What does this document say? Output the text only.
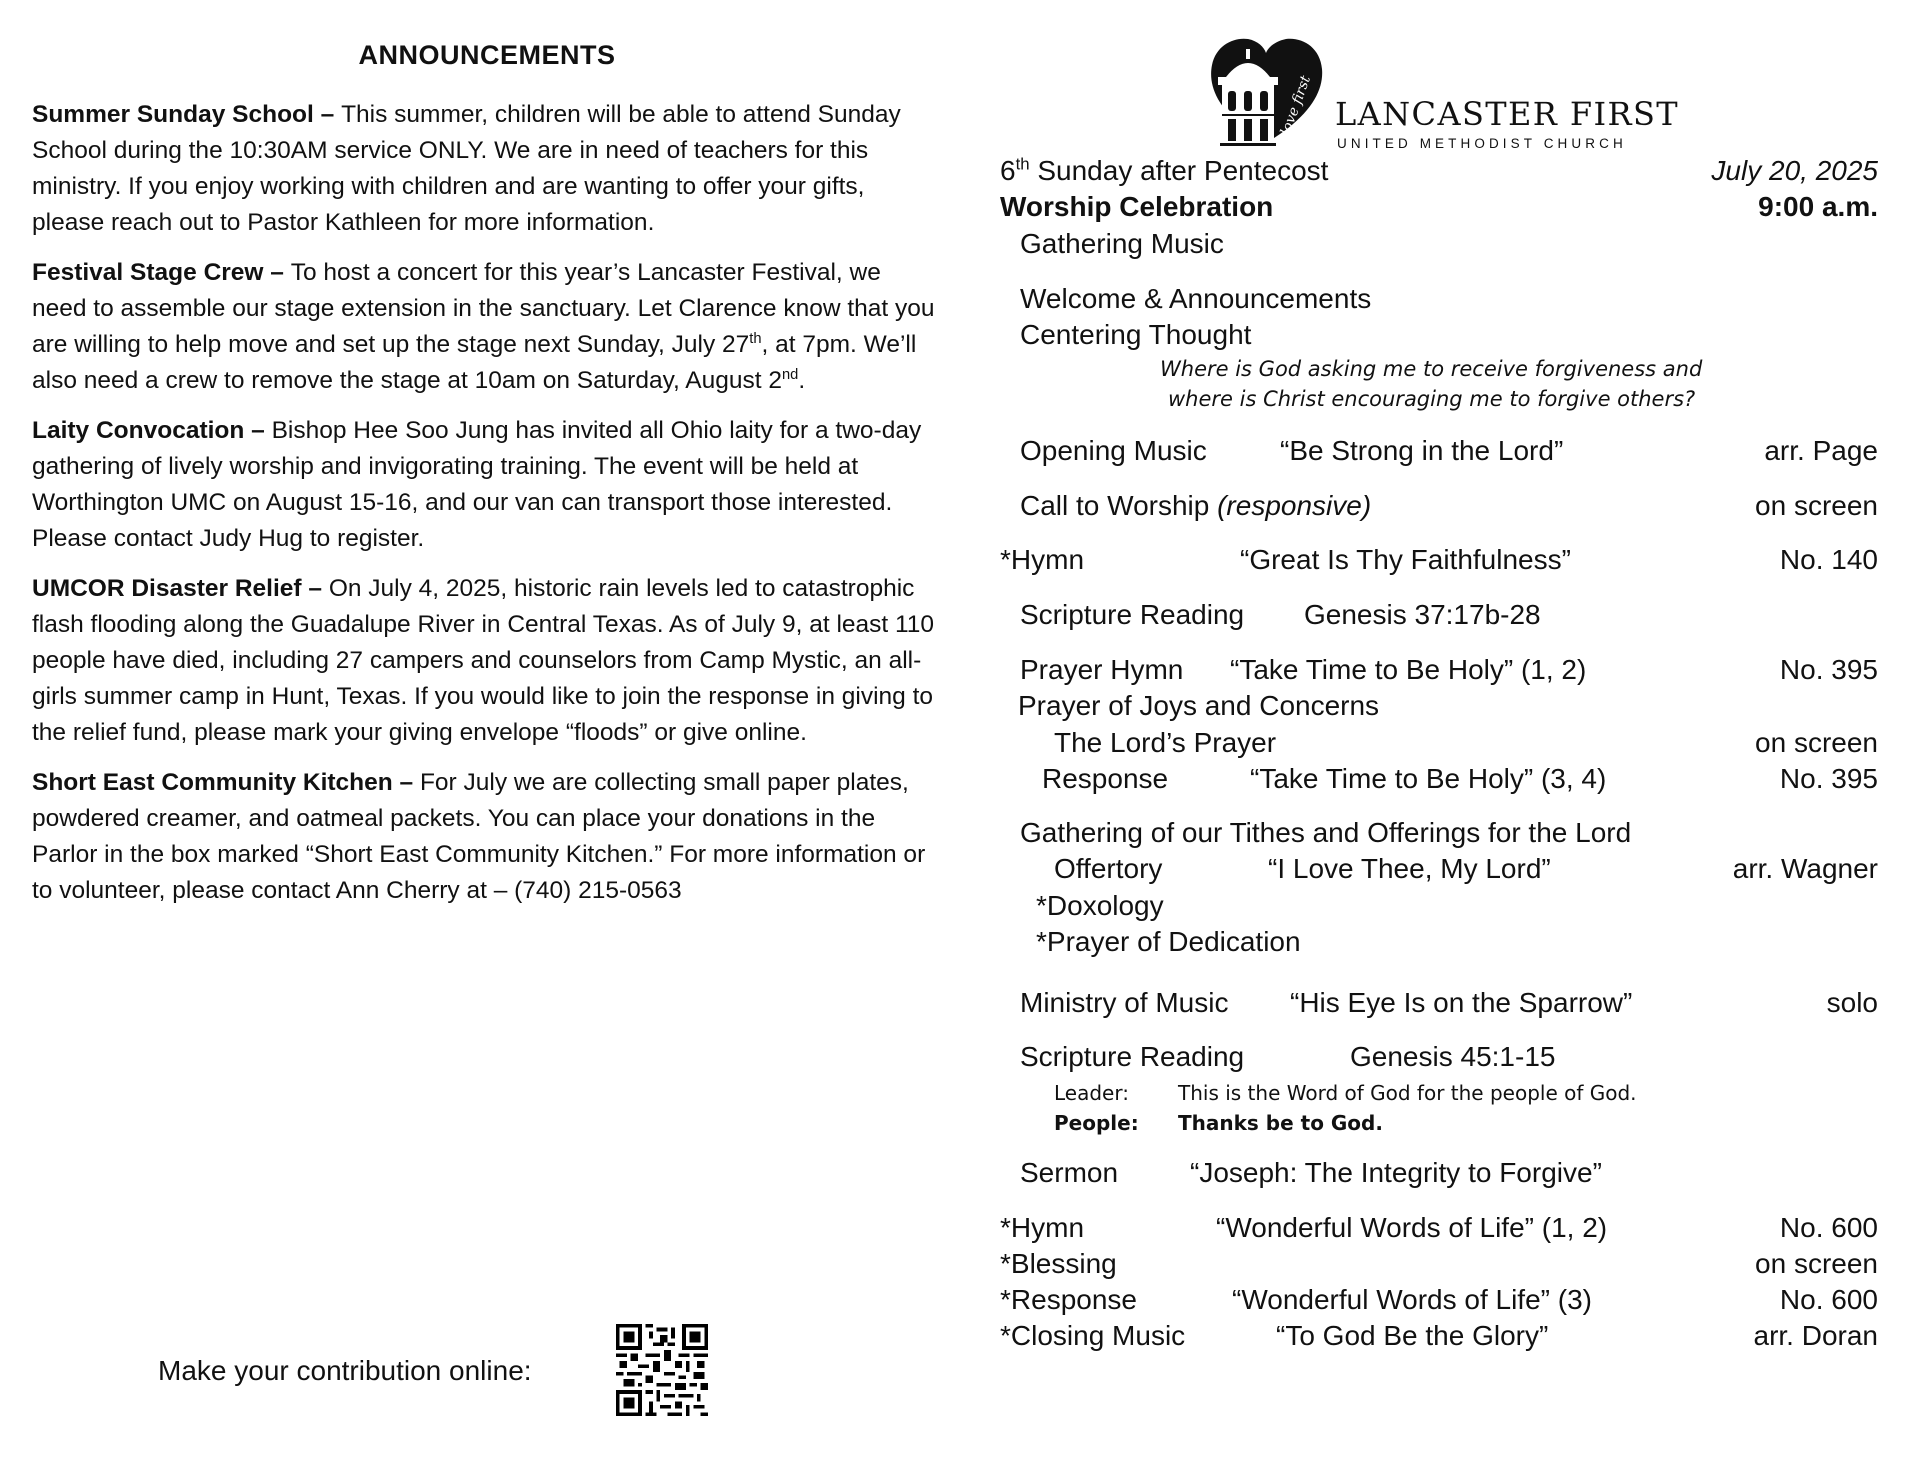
ANNOUNCEMENTS

Summer Sunday School – This summer, children will be able to attend Sunday School during the 10:30AM service ONLY. We are in need of teachers for this ministry. If you enjoy working with children and are wanting to offer your gifts, please reach out to Pastor Kathleen for more information.

Festival Stage Crew – To host a concert for this year’s Lancaster Festival, we need to assemble our stage extension in the sanctuary. Let Clarence know that you are willing to help move and set up the stage next Sunday, July 27th, at 7pm. We’ll also need a crew to remove the stage at 10am on Saturday, August 2nd.

Laity Convocation – Bishop Hee Soo Jung has invited all Ohio laity for a two-day gathering of lively worship and invigorating training. The event will be held at Worthington UMC on August 15-16, and our van can transport those interested. Please contact Judy Hug to register.

UMCOR Disaster Relief – On July 4, 2025, historic rain levels led to catastrophic flash flooding along the Guadalupe River in Central Texas. As of July 9, at least 110 people have died, including 27 campers and counselors from Camp Mystic, an all-girls summer camp in Hunt, Texas. If you would like to join the response in giving to the relief fund, please mark your giving envelope “floods” or give online.

Short East Community Kitchen – For July we are collecting small paper plates, powdered creamer, and oatmeal packets. You can place your donations in the Parlor in the box marked “Short East Community Kitchen.” For more information or to volunteer, please contact Ann Cherry at – (740) 215-0563

Make your contribution online:
love first LANCASTER FIRST
UNITED METHODIST CHURCH
6th Sunday after Pentecost	July 20, 2025
Worship Celebration	9:00 a.m.
Gathering Music
Welcome & Announcements
Centering Thought
Where is God asking me to receive forgiveness and
where is Christ encouraging me to forgive others?
Opening Music	“Be Strong in the Lord”	arr. Page
Call to Worship (responsive)	on screen
*Hymn	“Great Is Thy Faithfulness”	No. 140
Scripture Reading Genesis 37:17b-28
Prayer Hymn “Take Time to Be Holy” (1, 2)	No. 395
Prayer of Joys and Concerns
The Lord’s Prayer	on screen
Response	“Take Time to Be Holy” (3, 4)	No. 395
Gathering of our Tithes and Offerings for the Lord
Offertory	“I Love Thee, My Lord”	arr. Wagner
*Doxology
*Prayer of Dedication
Ministry of Music “His Eye Is on the Sparrow”	solo
Scripture Reading	Genesis 45:1-15
Leader: This is the Word of God for the people of God.
People: Thanks be to God.
Sermon	“Joseph: The Integrity to Forgive”
*Hymn	“Wonderful Words of Life” (1, 2)	No. 600
*Blessing	on screen
*Response	“Wonderful Words of Life” (3)	No. 600
*Closing Music	“To God Be the Glory”	arr. Doran
